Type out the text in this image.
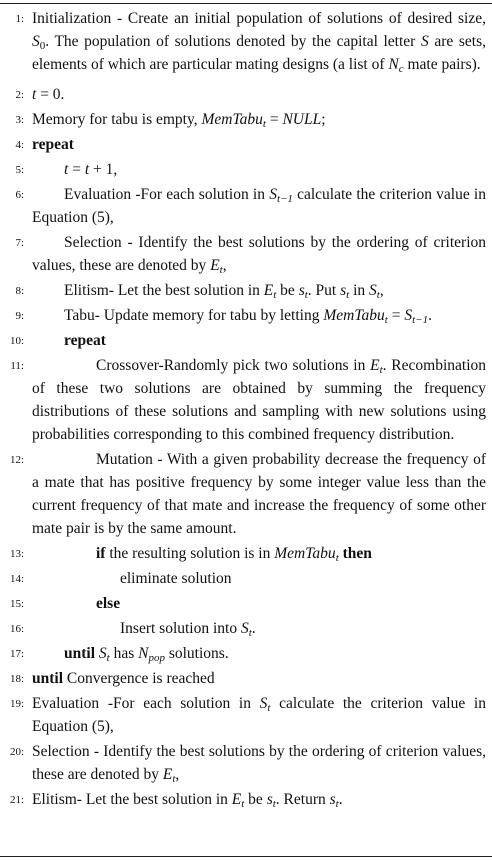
1: Initialization - Create an initial population of solutions of desired size, $S_0$. The population of solutions denoted by the capital letter S are sets, elements of which are particular mating designs (a list of $N_c$ mate pairs).
2: t = 0.
3: Memory for tabu is empty, MemTabu$_t$ = NULL;
4: repeat
5:	t = t + 1,
6:	Evaluation -For each solution in $S_{t-1}$ calculate the criterion value in Equation (5),
7:	Selection - Identify the best solutions by the ordering of criterion values, these are denoted by $E_t$,
8:	Elitism- Let the best solution in $E_t$ be $s_t$. Put $s_t$ in $S_t$,
9:	Tabu- Update memory for tabu by letting MemTabu$_t$ = $S_{t-1}$.
10:	repeat
11:	Crossover-Randomly pick two solutions in $E_t$. Recombination of these two solutions are obtained by summing the frequency distributions of these solutions and sampling with new solutions using probabilities corresponding to this combined frequency distribution.
12:	Mutation - With a given probability decrease the frequency of a mate that has positive frequency by some integer value less than the current frequency of that mate and increase the frequency of some other mate pair is by the same amount.
13:	if the resulting solution is in MemTabu$_t$ then
14:	eliminate solution
15:	else
16:	Insert solution into $S_t$.
17:	until $S_t$ has $N_{pop}$ solutions.
18: until Convergence is reached
19: Evaluation -For each solution in $S_t$ calculate the criterion value in Equation (5),
20: Selection - Identify the best solutions by the ordering of criterion values, these are denoted by $E_t$,
21: Elitism- Let the best solution in $E_t$ be $s_t$. Return $s_t$.
